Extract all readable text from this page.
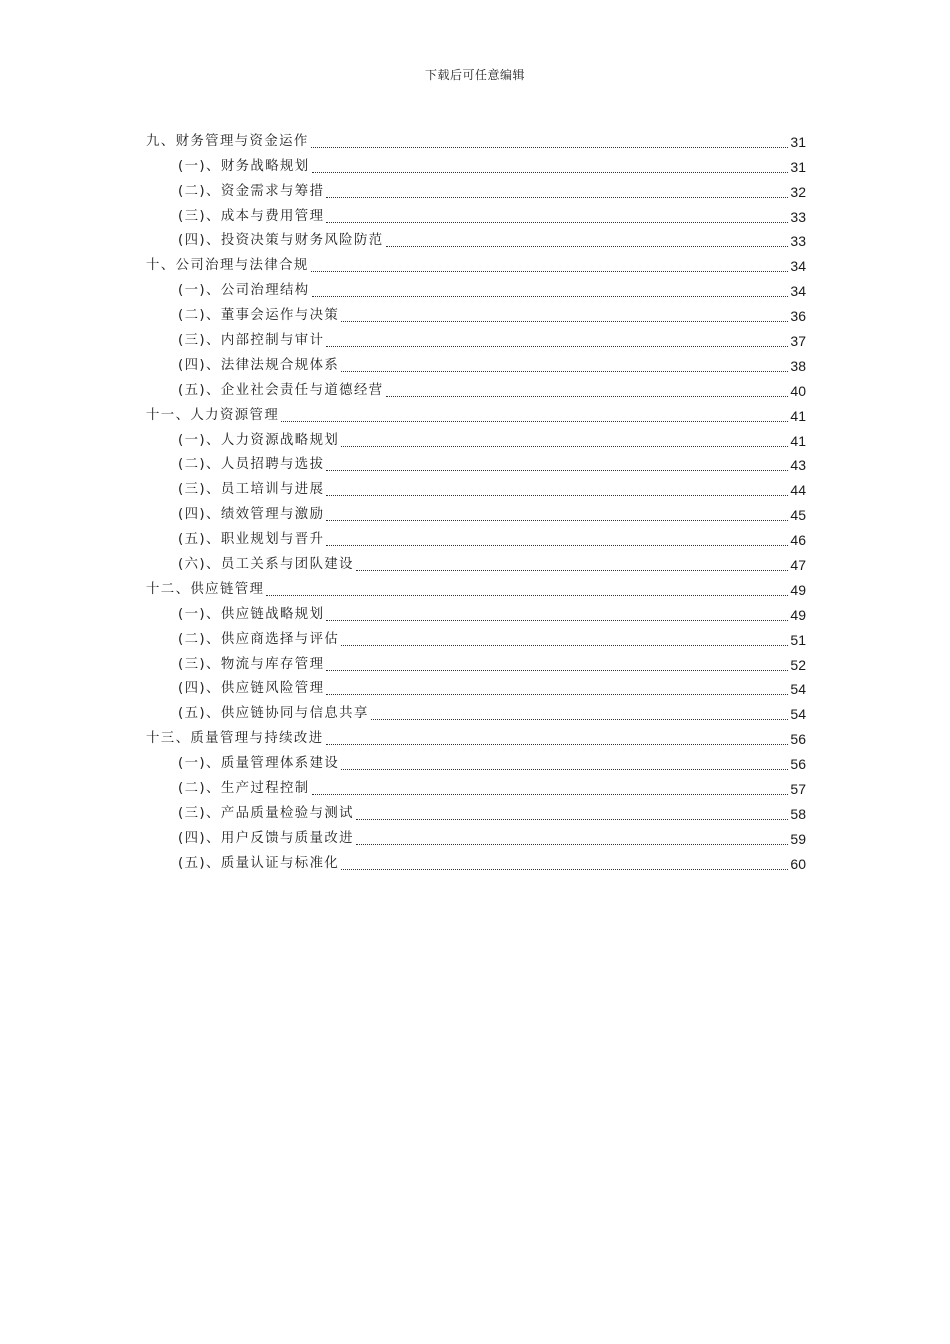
下载后可任意编辑
九、财务管理与资金运作	31
(一)、财务战略规划	31
(二)、资金需求与筹措	32
(三)、成本与费用管理	33
(四)、投资决策与财务风险防范	33
十、公司治理与法律合规	34
(一)、公司治理结构	34
(二)、董事会运作与决策	36
(三)、内部控制与审计	37
(四)、法律法规合规体系	38
(五)、企业社会责任与道德经营	40
十一、人力资源管理	41
(一)、人力资源战略规划	41
(二)、人员招聘与选拔	43
(三)、员工培训与进展	44
(四)、绩效管理与激励	45
(五)、职业规划与晋升	46
(六)、员工关系与团队建设	47
十二、供应链管理	49
(一)、供应链战略规划	49
(二)、供应商选择与评估	51
(三)、物流与库存管理	52
(四)、供应链风险管理	54
(五)、供应链协同与信息共享	54
十三、质量管理与持续改进	56
(一)、质量管理体系建设	56
(二)、生产过程控制	57
(三)、产品质量检验与测试	58
(四)、用户反馈与质量改进	59
(五)、质量认证与标准化	60
